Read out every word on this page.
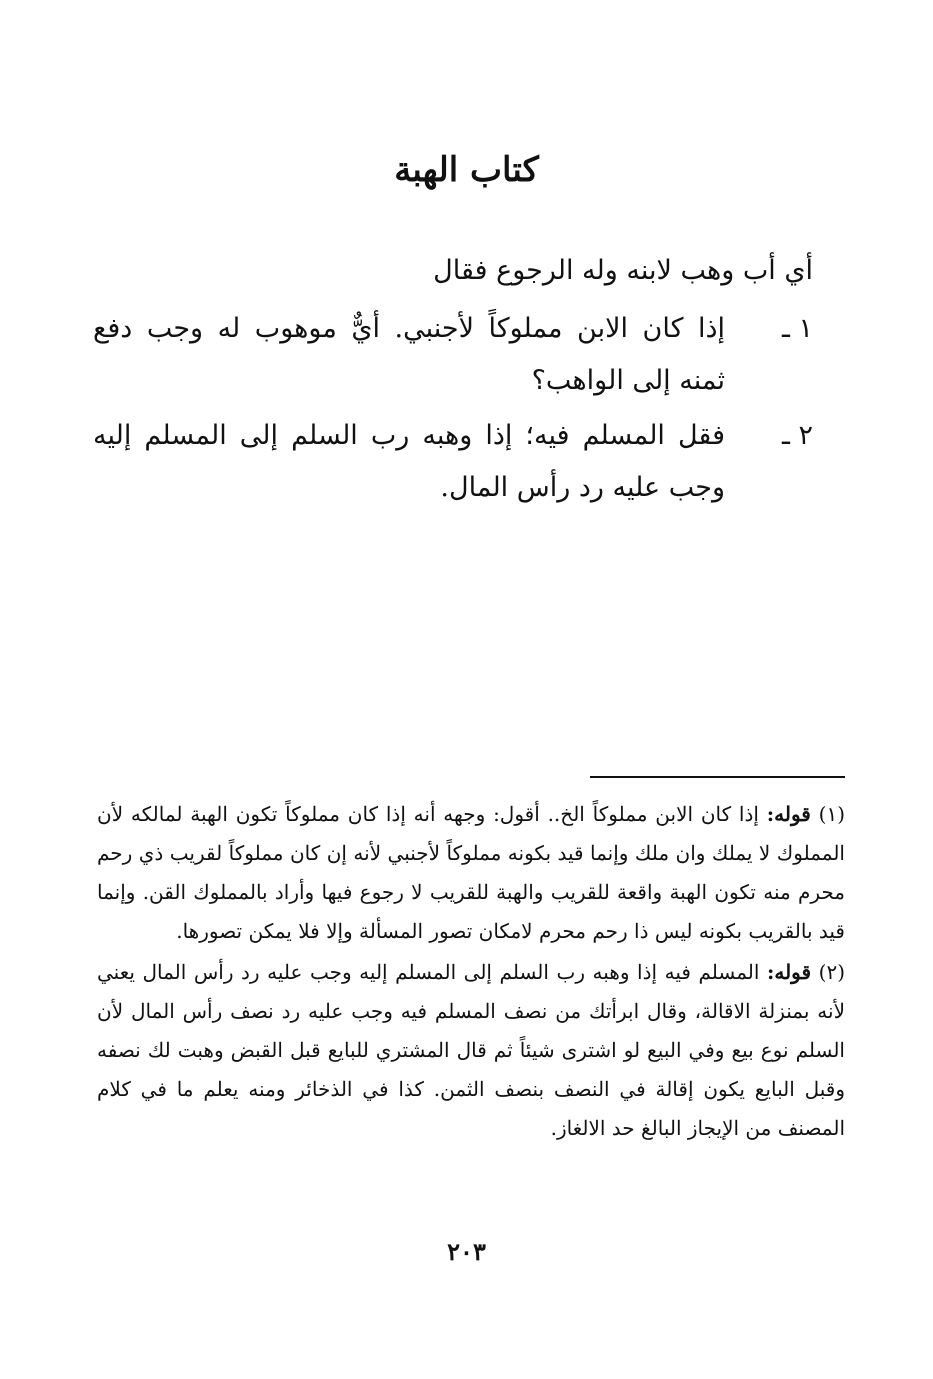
كتاب الهبة
أي أب وهب لابنه وله الرجوع فقال
١ ـ
إذا كان الابن مملوكاً لأجنبي. أيٌّ موهوب له وجب دفع ثمنه إلى الواهب؟
٢ ـ
فقل المسلم فيه؛ إذا وهبه رب السلم إلى المسلم إليه وجب عليه رد رأس المال.

(١) قوله: إذا كان الابن مملوكاً الخ.. أقول: وجهه أنه إذا كان مملوكاً تكون الهبة لمالكه لأن المملوك لا يملك وان ملك وإنما قيد بكونه مملوكاً لأجنبي لأنه إن كان مملوكاً لقريب ذي رحم محرم منه تكون الهبة واقعة للقريب والهبة للقريب لا رجوع فيها وأراد بالمملوك القن. وإنما قيد بالقريب بكونه ليس ذا رحم محرم لامكان تصور المسألة وإلا فلا يمكن تصورها.

(٢) قوله: المسلم فيه إذا وهبه رب السلم إلى المسلم إليه وجب عليه رد رأس المال يعني لأنه بمنزلة الاقالة، وقال ابرأتك من نصف المسلم فيه وجب عليه رد نصف رأس المال لأن السلم نوع بيع وفي البيع لو اشترى شيئاً ثم قال المشتري للبايع قبل القبض وهبت لك نصفه وقبل البايع يكون إقالة في النصف بنصف الثمن. كذا في الذخائر ومنه يعلم ما في كلام المصنف من الإيجاز البالغ حد الالغاز.

٢٠٣
